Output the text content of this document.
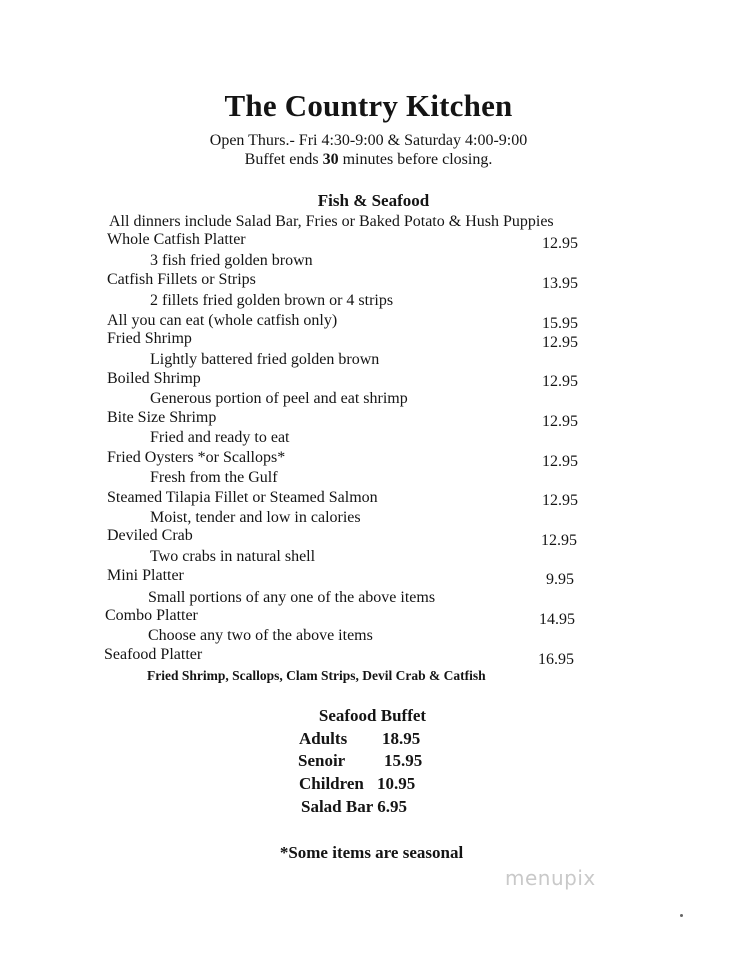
The Country Kitchen
Open Thurs.- Fri 4:30-9:00 & Saturday 4:00-9:00
Buffet ends 30 minutes before closing.
Fish & Seafood
All dinners include Salad Bar, Fries or Baked Potato & Hush Puppies
Whole Catfish Platter	12.95
3 fish fried golden brown
Catfish Fillets or Strips	13.95
2 fillets fried golden brown or 4 strips
All you can eat (whole catfish only)	15.95
Fried Shrimp	12.95
Lightly battered fried golden brown
Boiled Shrimp	12.95
Generous portion of peel and eat shrimp
Bite Size Shrimp	12.95
Fried and ready to eat
Fried Oysters *or Scallops*	12.95
Fresh from the Gulf
Steamed Tilapia Fillet or Steamed Salmon	12.95
Moist, tender and low in calories
Deviled Crab	12.95
Two crabs in natural shell
Mini Platter	9.95
Small portions of any one of the above items
Combo Platter	14.95
Choose any two of the above items
Seafood Platter	16.95
Fried Shrimp, Scallops, Clam Strips, Devil Crab & Catfish
Seafood Buffet
Adults 18.95
Senoir 15.95
Children 10.95
Salad Bar 6.95
*Some items are seasonal
menupix
